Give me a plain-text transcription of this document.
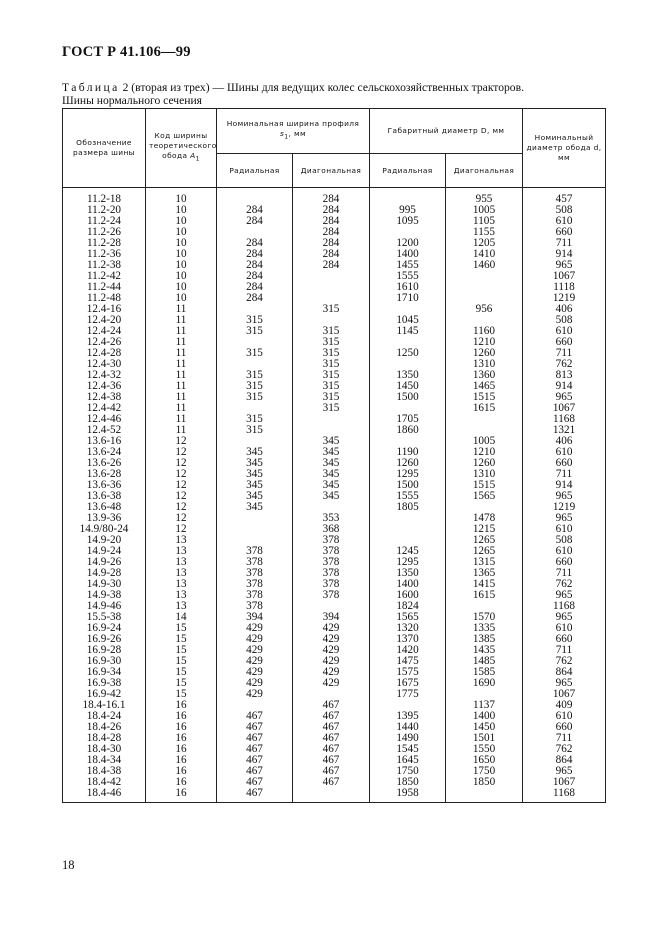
ГОСТ Р 41.106—99
Таблица 2 (вторая из трех) — Шины для ведущих колес сельскохозяйственных тракторов.
Шины нормального сечения
Обозначение размера шины	Код ширины теоретического обода $A_1$	Номинальная ширина профиля $s_1$, мм		Габаритный диаметр D, мм		Номинальный диаметр обода d, мм
		Радиальная	Диагональная	Радиальная	Диагональная	
11.2-18	10		284		955	457
11.2-20	10	284	284	995	1005	508
11.2-24	10	284	284	1095	1105	610
11.2-26	10		284		1155	660
11.2-28	10	284	284	1200	1205	711
11.2-36	10	284	284	1400	1410	914
11.2-38	10	284	284	1455	1460	965
11.2-42	10	284		1555		1067
11.2-44	10	284		1610		1118
11.2-48	10	284		1710		1219
12.4-16	11		315		956	406
12.4-20	11	315		1045		508
12.4-24	11	315	315	1145	1160	610
12.4-26	11		315		1210	660
12.4-28	11	315	315	1250	1260	711
12.4-30	11		315		1310	762
12.4-32	11	315	315	1350	1360	813
12.4-36	11	315	315	1450	1465	914
12.4-38	11	315	315	1500	1515	965
12.4-42	11		315		1615	1067
12.4-46	11	315		1705		1168
12.4-52	11	315		1860		1321
13.6-16	12		345		1005	406
13.6-24	12	345	345	1190	1210	610
13.6-26	12	345	345	1260	1260	660
13.6-28	12	345	345	1295	1310	711
13.6-36	12	345	345	1500	1515	914
13.6-38	12	345	345	1555	1565	965
13.6-48	12	345		1805		1219
13.9-36	12		353		1478	965
14.9/80-24	12		368		1215	610
14.9-20	13		378		1265	508
14.9-24	13	378	378	1245	1265	610
14.9-26	13	378	378	1295	1315	660
14.9-28	13	378	378	1350	1365	711
14.9-30	13	378	378	1400	1415	762
14.9-38	13	378	378	1600	1615	965
14.9-46	13	378		1824		1168
15.5-38	14	394	394	1565	1570	965
16.9-24	15	429	429	1320	1335	610
16.9-26	15	429	429	1370	1385	660
16.9-28	15	429	429	1420	1435	711
16.9-30	15	429	429	1475	1485	762
16.9-34	15	429	429	1575	1585	864
16.9-38	15	429	429	1675	1690	965
16.9-42	15	429		1775		1067
18.4-16.1	16		467		1137	409
18.4-24	16	467	467	1395	1400	610
18.4-26	16	467	467	1440	1450	660
18.4-28	16	467	467	1490	1501	711
18.4-30	16	467	467	1545	1550	762
18.4-34	16	467	467	1645	1650	864
18.4-38	16	467	467	1750	1750	965
18.4-42	16	467	467	1850	1850	1067
18.4-46	16	467		1958		1168
18
